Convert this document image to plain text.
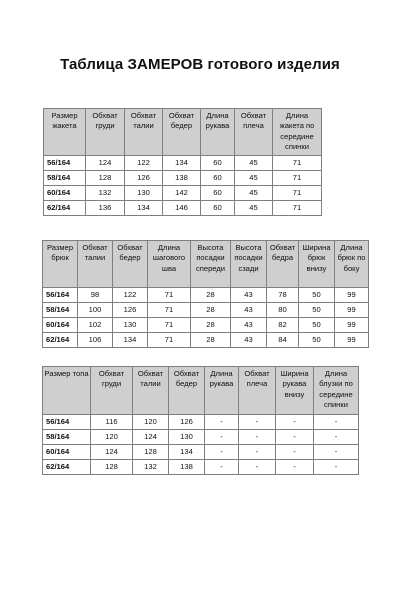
Таблица ЗАМЕРОВ готового изделия
Размер жакета	Обхват груди	Обхват талии	Обхват бедер	Длина рукава	Обхват плеча	Длина жакета по середине спинки
56/164	124	122	134	60	45	71
58/164	128	126	138	60	45	71
60/164	132	130	142	60	45	71
62/164	136	134	146	60	45	71
Размер брюк	Обхват талии	Обхват бедер	Длина шагового шва	Высота посадки спереди	Высота посадки сзади	Обхват бедра	Ширина брюк внизу	Длина брюк по боку
56/164	98	122	71	28	43	78	50	99
58/164	100	126	71	28	43	80	50	99
60/164	102	130	71	28	43	82	50	99
62/164	106	134	71	28	43	84	50	99
Размер топа	Обхват груди	Обхват талии	Обхват бедер	Длина рукава	Обхват плеча	Ширина рукава внизу	Длина блузки по середине спинки
56/164	116	120	126	-	-	-	-
58/164	120	124	130	-	-	-	-
60/164	124	128	134	-	-	-	-
62/164	128	132	138	-	-	-	-
